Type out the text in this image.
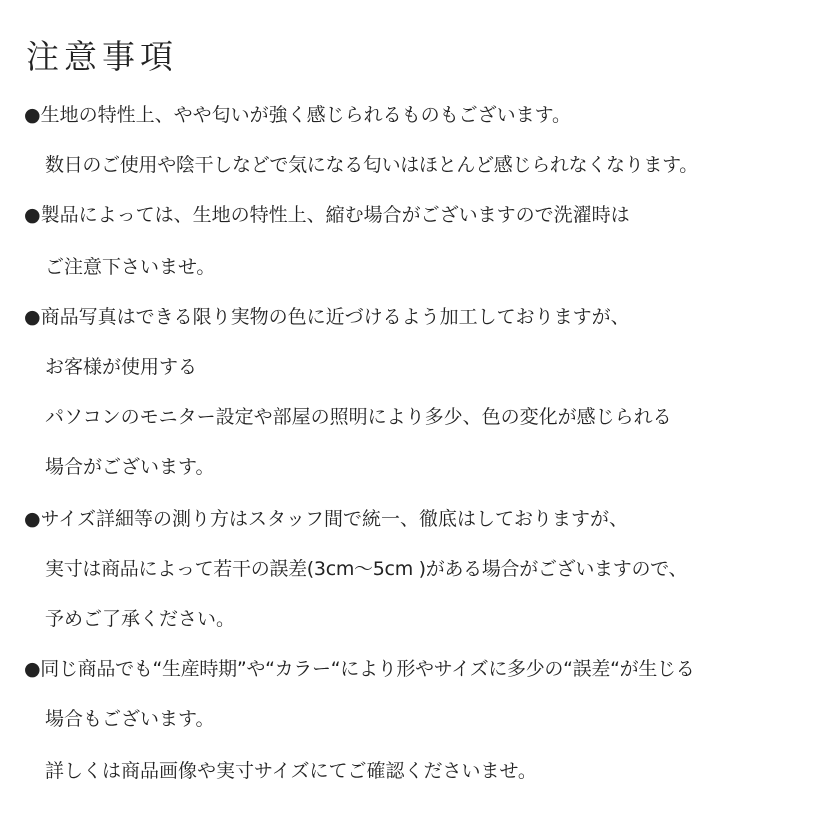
注意事項
●生地の特性上、やや匂いが強く感じられるものもございます。
数日のご使用や陰干しなどで気になる匂いはほとんど感じられなくなります。
●製品によっては、生地の特性上、縮む場合がございますので洗濯時は
ご注意下さいませ。
●商品写真はできる限り実物の色に近づけるよう加工しておりますが、
お客様が使用する
パソコンのモニター設定や部屋の照明により多少、色の変化が感じられる
場合がございます。
●サイズ詳細等の測り方はスタッフ間で統一、徹底はしておりますが、
実寸は商品によって若干の誤差(3cm〜5cm )がある場合がございますので、
予めご了承ください。
●同じ商品でも“生産時期”や“カラー“により形やサイズに多少の“誤差“が生じる
場合もございます。
詳しくは商品画像や実寸サイズにてご確認くださいませ。
